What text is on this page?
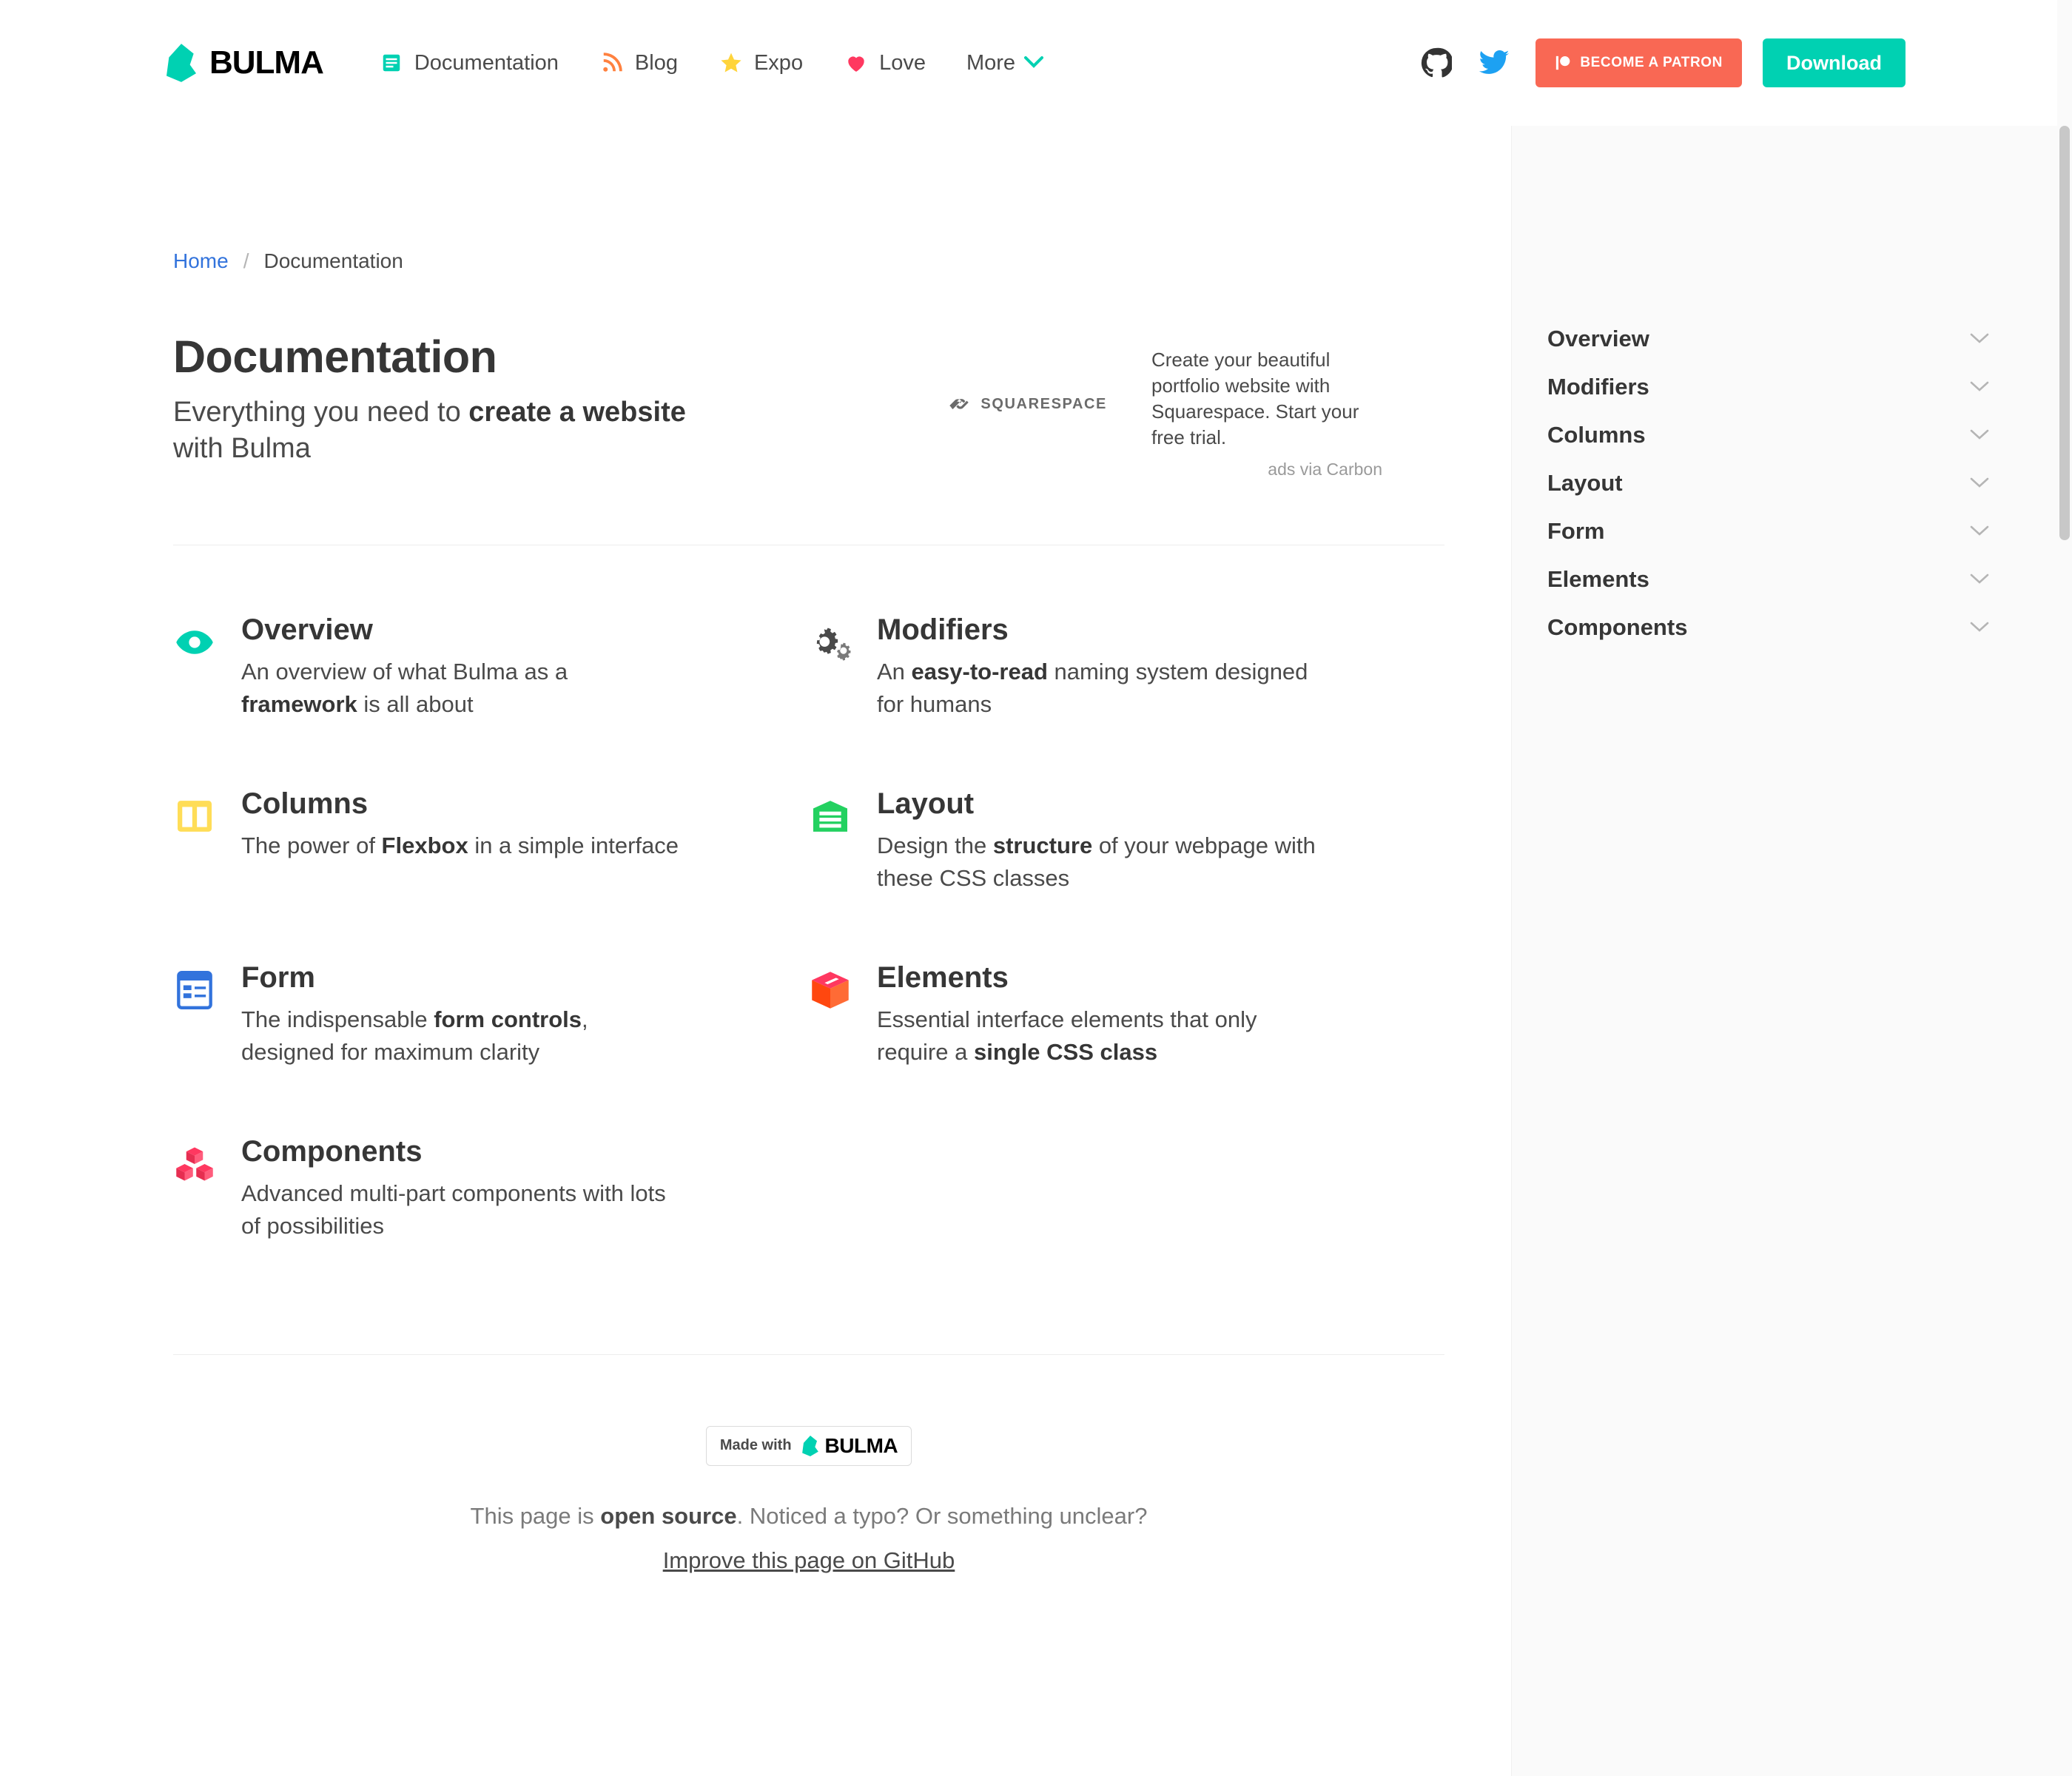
BULMA	Documentation	Blog	Expo	Love More	BECOME A PATRON	Download
Home / Documentation
Documentation
Everything you need to create a website with Bulma
SQUARESPACE
Create your beautiful portfolio website with Squarespace. Start your free trial.
ads via Carbon
Overview
An overview of what Bulma as a framework is all about
Modifiers
An easy-to-read naming system designed for humans
Columns
The power of Flexbox in a simple interface
Layout
Design the structure of your webpage with these CSS classes
Form
The indispensable form controls, designed for maximum clarity
Elements
Essential interface elements that only require a single CSS class
Components
Advanced multi-part components with lots of possibilities
Made with BULMA
This page is open source. Noticed a typo? Or something unclear?
Improve this page on GitHub
Overview
Modifiers
Columns
Layout
Form
Elements
Components
